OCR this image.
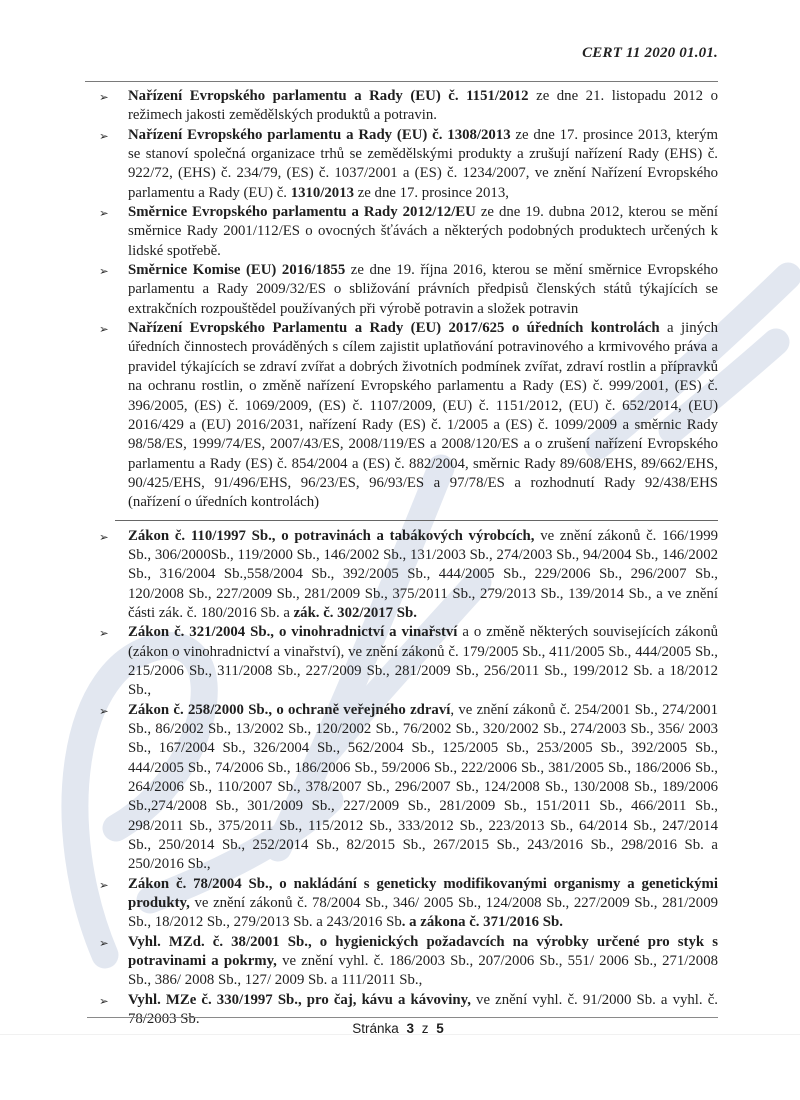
CERT 11 2020 01.01.
➢ Nařízení Evropského parlamentu a Rady (EU) č. 1151/2012 ze dne 21. listopadu 2012 o režimech jakosti zemědělských produktů a potravin.
➢ Nařízení Evropského parlamentu a Rady (EU) č. 1308/2013 ze dne 17. prosince 2013, kterým se stanoví společná organizace trhů se zemědělskými produkty a zrušují nařízení Rady (EHS) č. 922/72, (EHS) č. 234/79, (ES) č. 1037/2001 a (ES) č. 1234/2007, ve znění Nařízení Evropského parlamentu a Rady (EU) č. 1310/2013 ze dne 17. prosince 2013,
➢ Směrnice Evropského parlamentu a Rady 2012/12/EU ze dne 19. dubna 2012, kterou se mění směrnice Rady 2001/112/ES o ovocných šťávách a některých podobných produktech určených k lidské spotřebě.
➢ Směrnice Komise (EU) 2016/1855 ze dne 19. října 2016, kterou se mění směrnice Evropského parlamentu a Rady 2009/32/ES o sbližování právních předpisů členských států týkajících se extrakčních rozpouštědel používaných při výrobě potravin a složek potravin
➢ Nařízení Evropského Parlamentu a Rady (EU) 2017/625 o úředních kontrolách a jiných úředních činnostech prováděných s cílem zajistit uplatňování potravinového a krmivového práva a pravidel týkajících se zdraví zvířat a dobrých životních podmínek zvířat, zdraví rostlin a přípravků na ochranu rostlin, o změně nařízení Evropského parlamentu a Rady (ES) č. 999/2001, (ES) č. 396/2005, (ES) č. 1069/2009, (ES) č. 1107/2009, (EU) č. 1151/2012, (EU) č. 652/2014, (EU) 2016/429 a (EU) 2016/2031, nařízení Rady (ES) č. 1/2005 a (ES) č. 1099/2009 a směrnic Rady 98/58/ES, 1999/74/ES, 2007/43/ES, 2008/119/ES a 2008/120/ES a o zrušení nařízení Evropského parlamentu a Rady (ES) č. 854/2004 a (ES) č. 882/2004, směrnic Rady 89/608/EHS, 89/662/EHS, 90/425/EHS, 91/496/EHS, 96/23/ES, 96/93/ES a 97/78/ES a rozhodnutí Rady 92/438/EHS (nařízení o úředních kontrolách)
➢ Zákon č. 110/1997 Sb., o potravinách a tabákových výrobcích, ve znění zákonů č. 166/1999 Sb., 306/2000Sb., 119/2000 Sb., 146/2002 Sb., 131/2003 Sb., 274/2003 Sb., 94/2004 Sb., 146/2002 Sb., 316/2004 Sb.,558/2004 Sb., 392/2005 Sb., 444/2005 Sb., 229/2006 Sb., 296/2007 Sb., 120/2008 Sb., 227/2009 Sb., 281/2009 Sb., 375/2011 Sb., 279/2013 Sb., 139/2014 Sb., a ve znění části zák. č. 180/2016 Sb. a zák. č. 302/2017 Sb.
➢ Zákon č. 321/2004 Sb., o vinohradnictví a vinařství a o změně některých souvisejících zákonů (zákon o vinohradnictví a vinařství), ve znění zákonů č. 179/2005 Sb., 411/2005 Sb., 444/2005 Sb., 215/2006 Sb., 311/2008 Sb., 227/2009 Sb., 281/2009 Sb., 256/2011 Sb., 199/2012 Sb. a 18/2012 Sb.,
➢ Zákon č. 258/2000 Sb., o ochraně veřejného zdraví, ve znění zákonů č. 254/2001 Sb., 274/2001 Sb., 86/2002 Sb., 13/2002 Sb., 120/2002 Sb., 76/2002 Sb., 320/2002 Sb., 274/2003 Sb., 356/ 2003 Sb., 167/2004 Sb., 326/2004 Sb., 562/2004 Sb., 125/2005 Sb., 253/2005 Sb., 392/2005 Sb., 444/2005 Sb., 74/2006 Sb., 186/2006 Sb., 59/2006 Sb., 222/2006 Sb., 381/2005 Sb., 186/2006 Sb., 264/2006 Sb., 110/2007 Sb., 378/2007 Sb., 296/2007 Sb., 124/2008 Sb., 130/2008 Sb., 189/2006 Sb.,274/2008 Sb., 301/2009 Sb., 227/2009 Sb., 281/2009 Sb., 151/2011 Sb., 466/2011 Sb., 298/2011 Sb., 375/2011 Sb., 115/2012 Sb., 333/2012 Sb., 223/2013 Sb., 64/2014 Sb., 247/2014 Sb., 250/2014 Sb., 252/2014 Sb., 82/2015 Sb., 267/2015 Sb., 243/2016 Sb., 298/2016 Sb. a 250/2016 Sb.,
➢ Zákon č. 78/2004 Sb., o nakládání s geneticky modifikovanými organismy a genetickými produkty, ve znění zákonů č. 78/2004 Sb., 346/ 2005 Sb., 124/2008 Sb., 227/2009 Sb., 281/2009 Sb., 18/2012 Sb., 279/2013 Sb. a 243/2016 Sb. a zákona č. 371/2016 Sb.
➢ Vyhl. MZd. č. 38/2001 Sb., o hygienických požadavcích na výrobky určené pro styk s potravinami a pokrmy, ve znění vyhl. č. 186/2003 Sb., 207/2006 Sb., 551/ 2006 Sb., 271/2008 Sb., 386/ 2008 Sb., 127/ 2009 Sb. a 111/2011 Sb.,
➢ Vyhl. MZe č. 330/1997 Sb., pro čaj, kávu a kávoviny, ve znění vyhl. č. 91/2000 Sb. a vyhl. č. 78/2003 Sb.
Stránka 3 z 5
